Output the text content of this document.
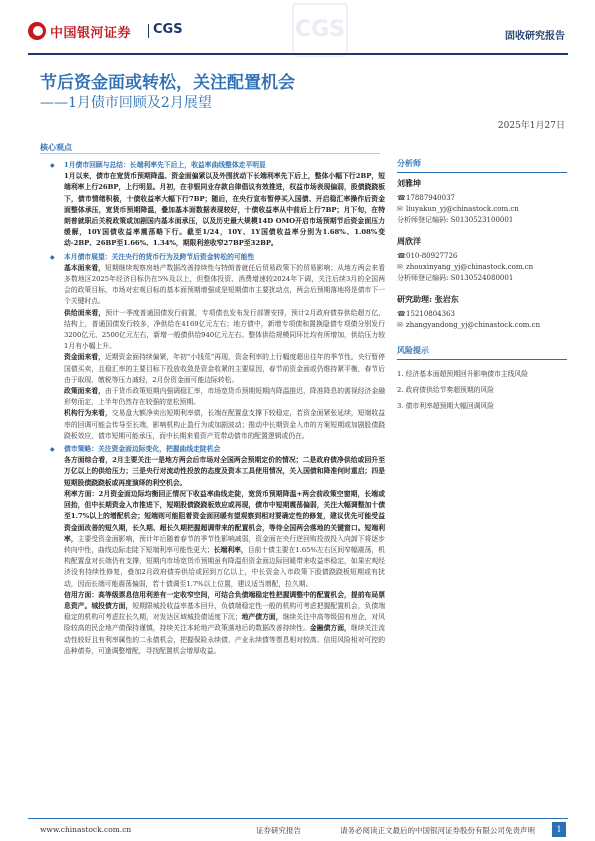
中国银河证券 CGS	CGS	固收研究报告
节后资金面或转松，关注配置机会
——1月债市回顾及2月展望
2025年1月27日
核心观点
◆ 1月债市回顾与总结：长端利率先下后上，收益率曲线整体走平明显
1月以来，债市在宽货币预期降温、资金面偏紧以及外围扰动下长端利率先下后上，整体小幅下行2BP，短端利率上行26BP，上行明显。月初，在非银同业存款自律倡议有效推进，权益市场表现偏弱，股债跷跷板下，债市情绪积极，十债收益率大幅下行7BP；随后，在央行宣布暂停买入国债、开启稳汇率操作后资金面整体承压，宽货币预期降温，叠加基本面数据表现较好，十债收益率从中前后上行7BP；月下旬，在特朗普就职后关税政策或加剧国内基本面承压，以及历史最大规模14D OMO开启市场预期节后资金面压力缓解，10Y国债收益率震荡略下行。截至1/24，10Y、1Y国债收益率分别为1.68%、1.08%变动-2BP、26BP至1.66%、1.34%，期限利差收窄27BP至32BP。
◆ 本月债市展望：关注央行的货币行为及跨节后资金转松的可能性
基本面来看，短期继续观察房地产数据改善持续性与特朗普就任后贸易政策下的贸易影响；从地方两会来看多数地区2025年经济目标仍在5%及以上，但整体投资、消费增速较2024年下调，关注后续3月的全国两会的政策目标，市场对宏观目标的基本面预期增强或是短期债市主要扰动点，两会后预期落地将是债市下一个关键时点。
供给面来看，预计一季度普通国债发行前置，专项债也发布发行部署安排，预计2月政府债券供给超万亿，结构上，普通国债发行较多，净供给在4169亿元左右；地方债中，新增专项债和置换隐债专项债分别发行3200亿元、2500亿元左右，新增一般债供给940亿元左右。整体供给规模同环比均有所增加，供给压力较1月有小幅上升。
资金面来看，近期资金面持续偏紧，年初“小钱荒”再现，资金利率的上行幅度超出往年的季节性。央行暂停国债买卖，且稳汇率的主要目标下投放收敛是资金收紧的主要原因，春节前资金面或仍维持紧平衡，春节后由于取现、缴税等压力减轻，2月份资金面可能边际转松。
政策面来看，由于货币政策短期内强调稳汇率，市场宽货币预期短期内降温推迟，降准降息的需视经济金融形势而定，上半年仍然存在较强的宽松预期。
机构行为来看，交易盘大额净卖出短期利率债，长端在配置盘支撑下较稳定，若资金面紧张延续，短端收益率的回调可能会传导至长端，影响机构止盈行为或加剧波动；推动中长期资金入市的方案短期或加剧股债跷跷板效应，债市短期可能承压，而中长期来看资产荒带动债市的配置逻辑或仍在。
◆ 债市策略：关注资金面边际变化，把握曲线走陡机会
各方面综合看，2月主要关注一是地方两会后市场对全国两会预期定价的情况；二是政府债净供给或回升至万亿以上的供给压力；三是央行对流动性投放的态度及资本工具使用情况，关入国债和降准何时重启；四是短期股债跷跷板或再度演绎的利空机会。
利率方面：2月资金面边际均衡回正情况下收益率曲线走陡，宽货币预期降温+两会前政策空窗期，长端或回抬，但中长期资金入市推进下，短期股债跷跷板效应或再现，债市中短期震荡偏弱，关注大幅调整加十债至1.7%以上的增配机会；短端则可能阻着资金面回暖有望观察到相对要确定性的修复，建议优先可能受益资金面改善的短久期，长久期、超长久期把握超调带来的配置机会，等待全国两会落地的关键窗口。短端利率，主要受资金面影响，预计年后随着春节的季节性影响减弱，资金面在央行逆回购投放投入向卸下将逐步转向中性，曲线边际走陡下短端利率可能性更大；长端利率，目前十债主要在1.65%左右区间窄幅震荡，机构配置盘对长端仍有支撑，短期内市场宽货币预期虽有降温但资金面边际回暖带来收益率稳定，如果宏观经济没有持续性修复，叠加2月政府债券供给或回到万亿以上，中长资金入市政策下股债跷跷板短期或有扰动，因而长端可能震荡偏弱，若十债调至1.7%以上位置，建议适当增配，拉久期。
信用方面：高等级票息信用利差有一定收窄空间，可结合负债端稳定性把握调整中的配置机会，提前布局票息资产。城投债方面，短期限城投收益率基本回升，负债端稳定性一般的机构可考虑把握配置机会，负债端稳定的机构可考虑拉长久期，对发达区域城投债适度下沉；地产债方面，继续关注中高等级国有房企，对风险较高的民企地产债保持谨慎，持续关注本轮地产政策落地后的数据改善持续性。金融债方面，继续关注流动性较好且有利率属性的二永债机会，把握保险永续债、产业永续债等票息相对较高、信用风险相对可控的品种债券，可逢调整增配，寻找配置机会增厚收益。
分析师
刘雅坤
☎17887940037
✉ liuyakun_yj@chinastock.com.cn
分析师登记编码: S0130523100001
周欣洋
☎010-80927726
✉ zhouxinyang_yj@chinastock.com.cn
分析师登记编码: S0130524080001
研究助理: 张岩东
☎15210804363
✉ zhangyandong_yj@chinastock.com.cn
风险提示
1. 经济基本面超预期回升影响债市主线风险
2. 政府债供给节奏超预期的风险
3. 债市利率超预期大幅回调风险
www.chinastock.com.cn	证券研究报告	请务必阅读正文最后的中国银河证券股份有限公司免责声明	1
